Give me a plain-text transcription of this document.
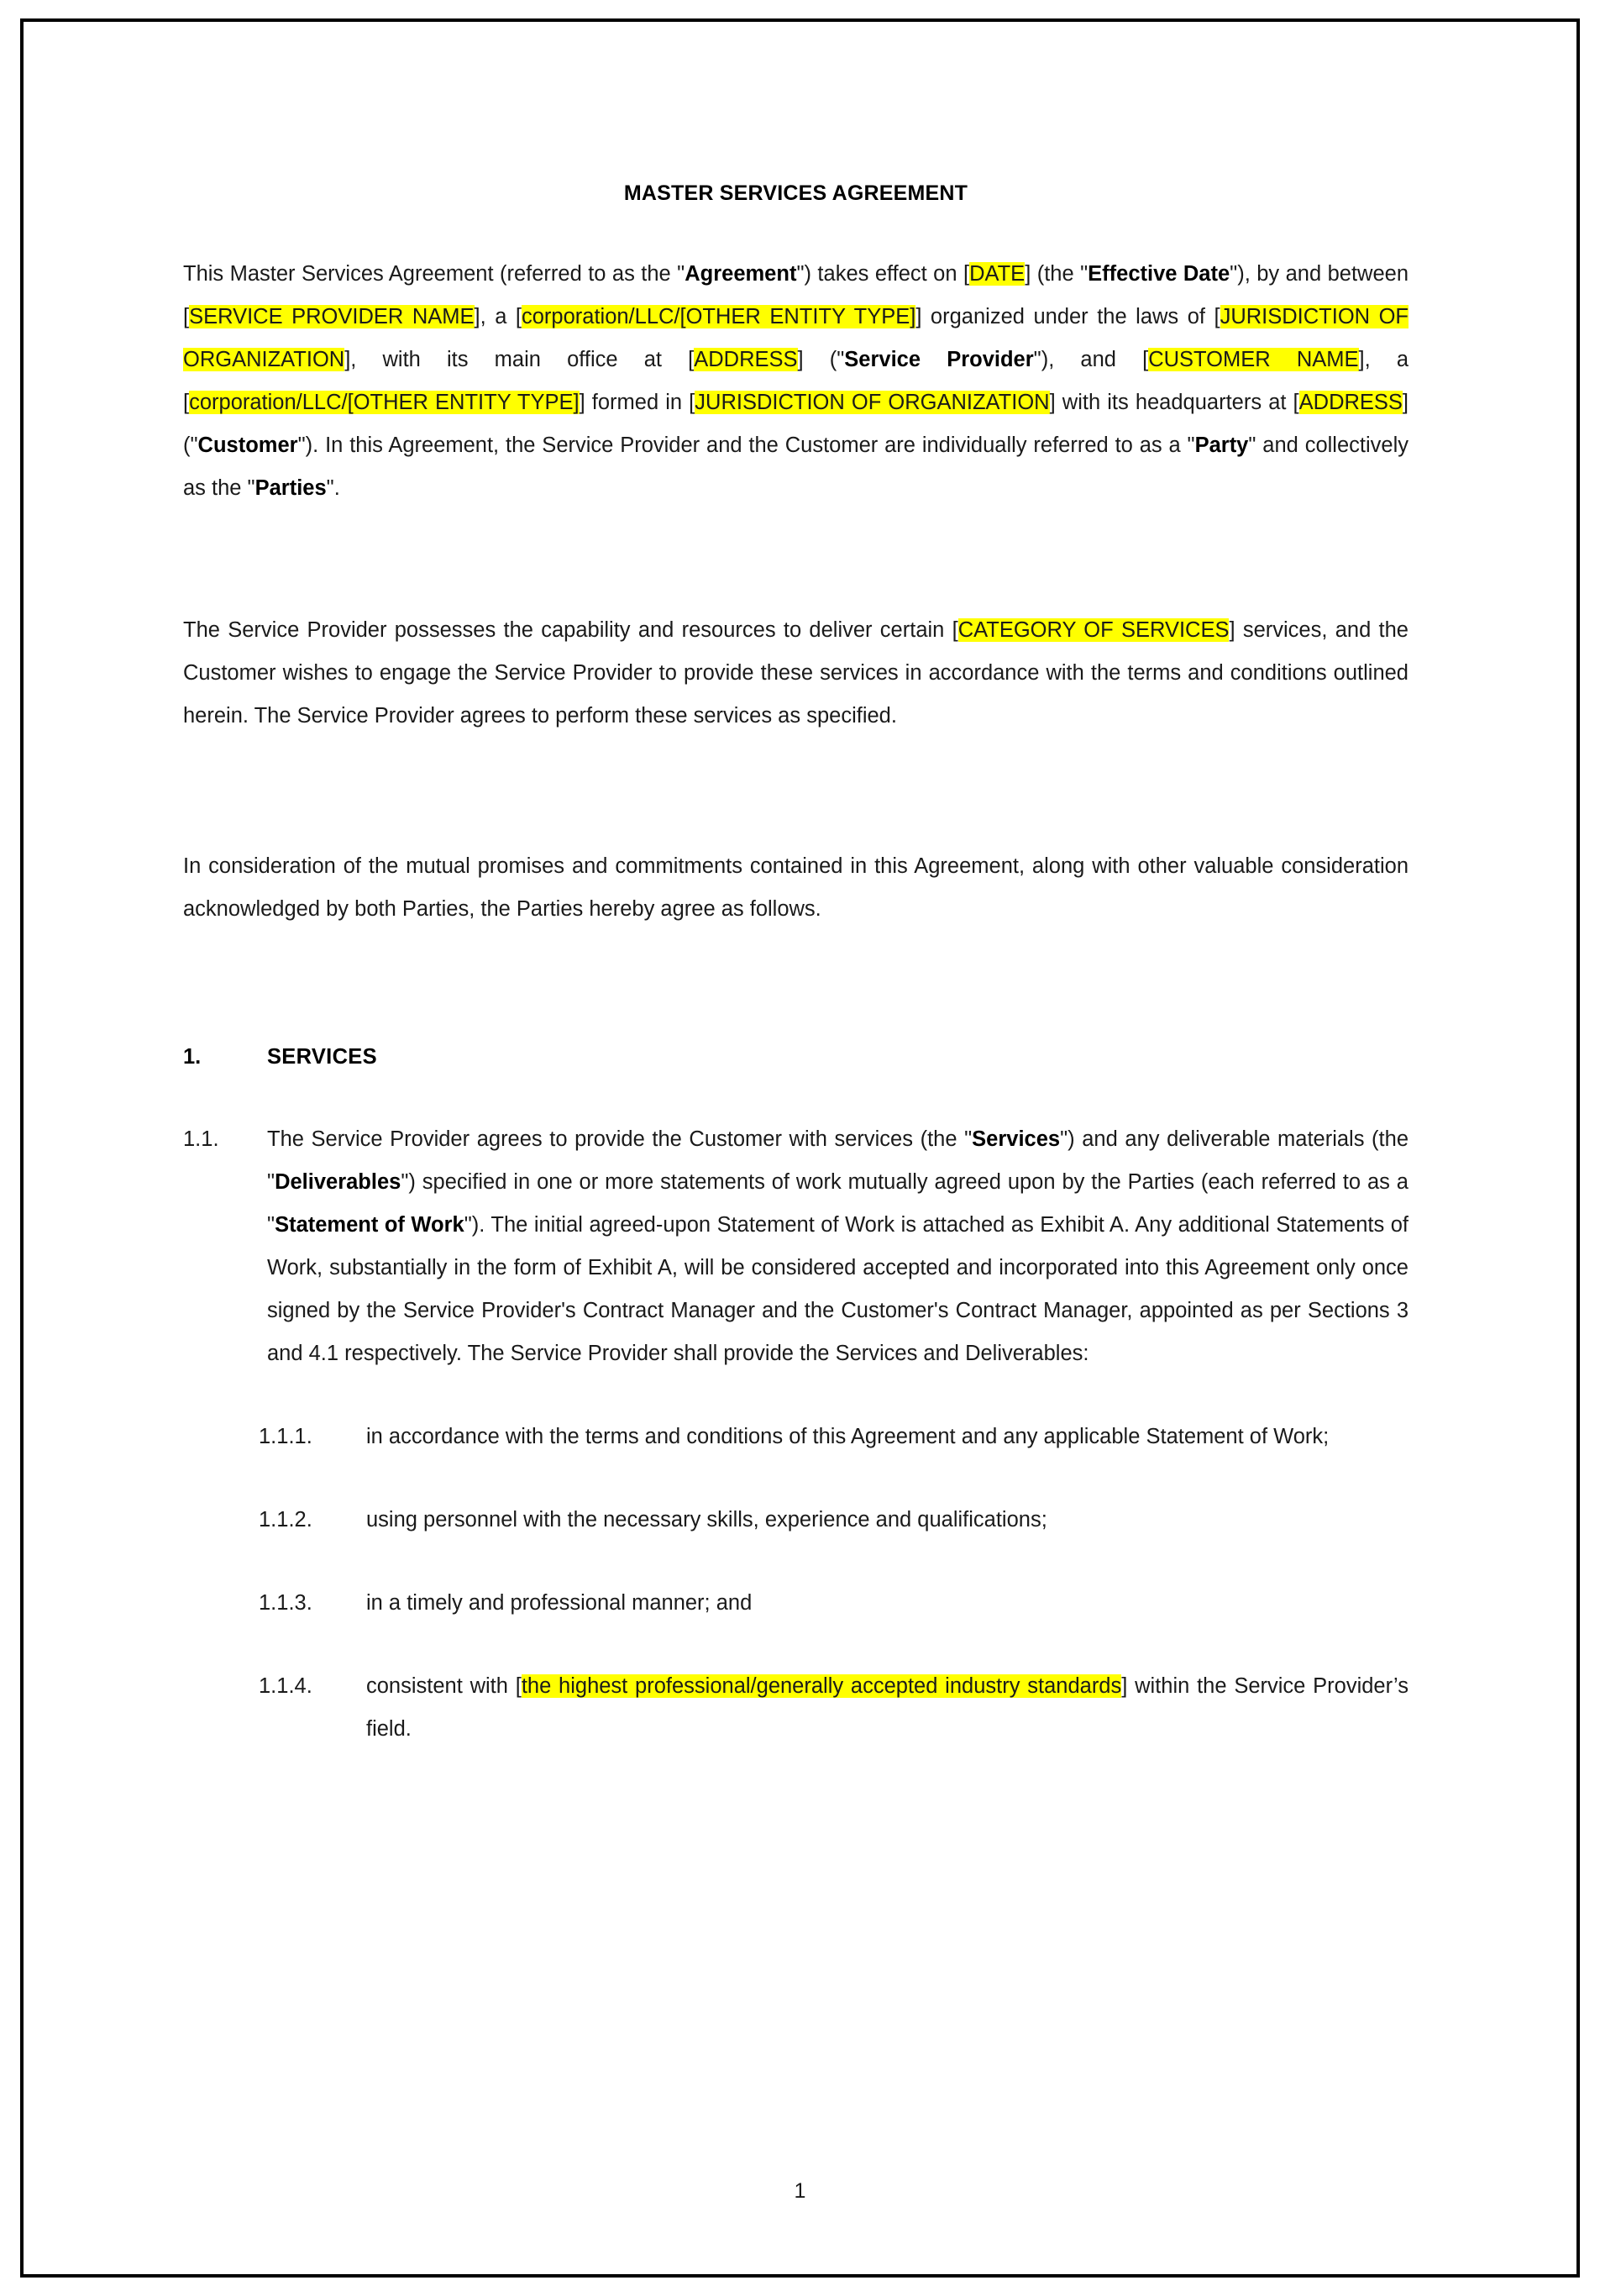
MASTER SERVICES AGREEMENT

This Master Services Agreement (referred to as the "Agreement") takes effect on [DATE] (the "Effective Date"), by and between [SERVICE PROVIDER NAME], a [corporation/LLC/[OTHER ENTITY TYPE]] organized under the laws of [JURISDICTION OF ORGANIZATION], with its main office at [ADDRESS] ("Service Provider"), and [CUSTOMER NAME], a [corporation/LLC/[OTHER ENTITY TYPE]] formed in [JURISDICTION OF ORGANIZATION] with its headquarters at [ADDRESS] ("Customer"). In this Agreement, the Service Provider and the Customer are individually referred to as a "Party" and collectively as the "Parties".

The Service Provider possesses the capability and resources to deliver certain [CATEGORY OF SERVICES] services, and the Customer wishes to engage the Service Provider to provide these services in accordance with the terms and conditions outlined herein. The Service Provider agrees to perform these services as specified.

In consideration of the mutual promises and commitments contained in this Agreement, along with other valuable consideration acknowledged by both Parties, the Parties hereby agree as follows.

1.	SERVICES
1.1.	The Service Provider agrees to provide the Customer with services (the "Services") and any deliverable materials (the "Deliverables") specified in one or more statements of work mutually agreed upon by the Parties (each referred to as a "Statement of Work"). The initial agreed-upon Statement of Work is attached as Exhibit A. Any additional Statements of Work, substantially in the form of Exhibit A, will be considered accepted and incorporated into this Agreement only once signed by the Service Provider's Contract Manager and the Customer's Contract Manager, appointed as per Sections 3 and 4.1 respectively. The Service Provider shall provide the Services and Deliverables:
1.1.1.	in accordance with the terms and conditions of this Agreement and any applicable Statement of Work;
1.1.2.	using personnel with the necessary skills, experience and qualifications;
1.1.3.	in a timely and professional manner; and
1.1.4.	consistent with [the highest professional/generally accepted industry standards] within the Service Provider’s field.
1
